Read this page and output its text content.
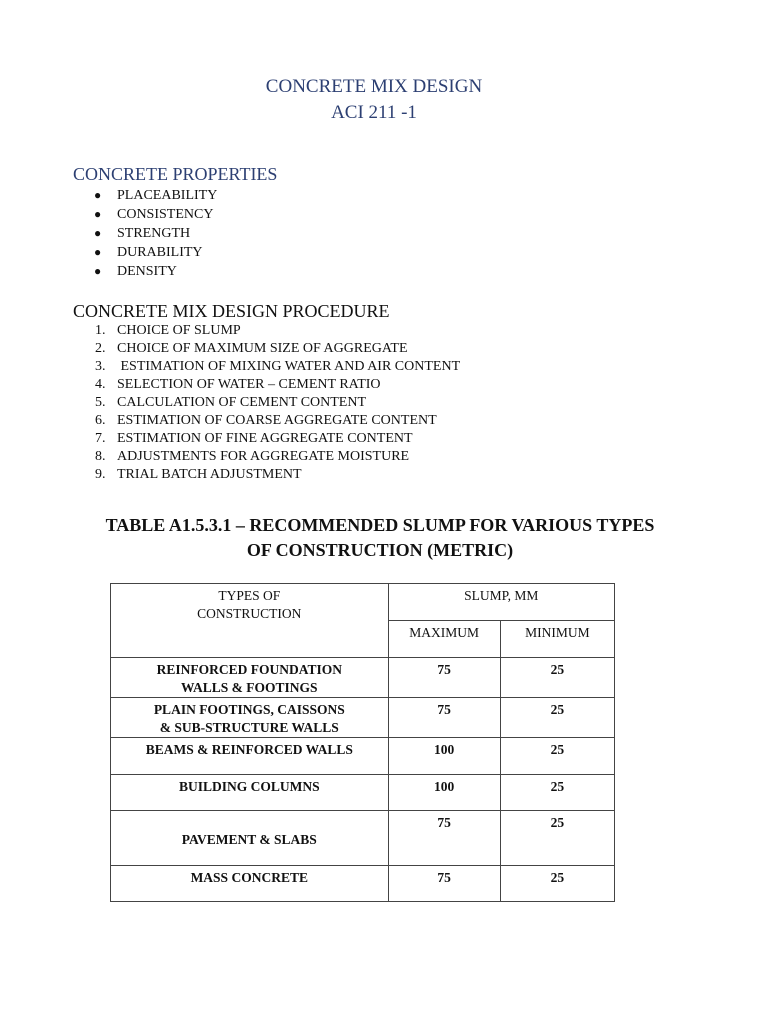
CONCRETE MIX DESIGN
ACI 211 -1
CONCRETE PROPERTIES
● PLACEABILITY
● CONSISTENCY
● STRENGTH
● DURABILITY
● DENSITY
CONCRETE MIX DESIGN PROCEDURE
1. CHOICE OF SLUMP
2. CHOICE OF MAXIMUM SIZE OF AGGREGATE
3. ESTIMATION OF MIXING WATER AND AIR CONTENT
4. SELECTION OF WATER – CEMENT RATIO
5. CALCULATION OF CEMENT CONTENT
6. ESTIMATION OF COARSE AGGREGATE CONTENT
7. ESTIMATION OF FINE AGGREGATE CONTENT
8. ADJUSTMENTS FOR AGGREGATE MOISTURE
9. TRIAL BATCH ADJUSTMENT
TABLE A1.5.3.1 – RECOMMENDED SLUMP FOR VARIOUS TYPES
OF CONSTRUCTION (METRIC)
TYPES OF
CONSTRUCTION	SLUMP, MM	
	MAXIMUM	MINIMUM

REINFORCED FOUNDATION
WALLS & FOOTINGS	75	25

PLAIN FOOTINGS, CAISSONS
& SUB-STRUCTURE WALLS	75	25
BEAMS & REINFORCED WALLS	100	25
BUILDING COLUMNS	100	25
PAVEMENT & SLABS	75	25
MASS CONCRETE	75	25
